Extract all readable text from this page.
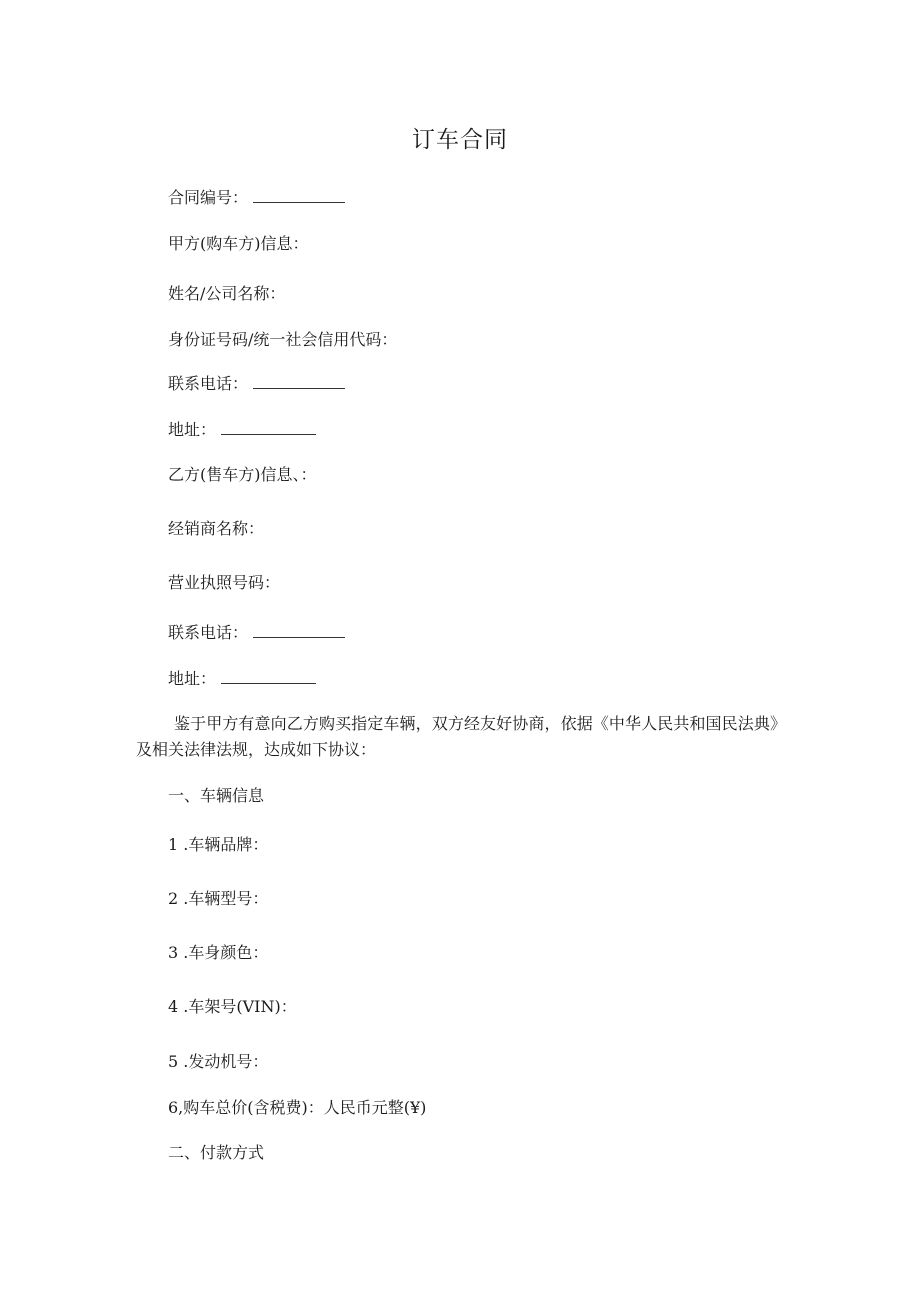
订车合同
合同编号：
甲方(购车方)信息：
姓名/公司名称：
身份证号码/统一社会信用代码：
联系电话：
地址：
乙方(售车方)信息、：
经销商名称：
营业执照号码：
联系电话：
地址：
鉴于甲方有意向乙方购买指定车辆，双方经友好协商，依据《中华人民共和国民法典》及相关法律法规，达成如下协议：
一、车辆信息
1 .车辆品牌：
2 .车辆型号：
3 .车身颜色：
4 .车架号(VIN)：
5 .发动机号：
6,购车总价(含税费)：人民币元整(¥)
二、付款方式
